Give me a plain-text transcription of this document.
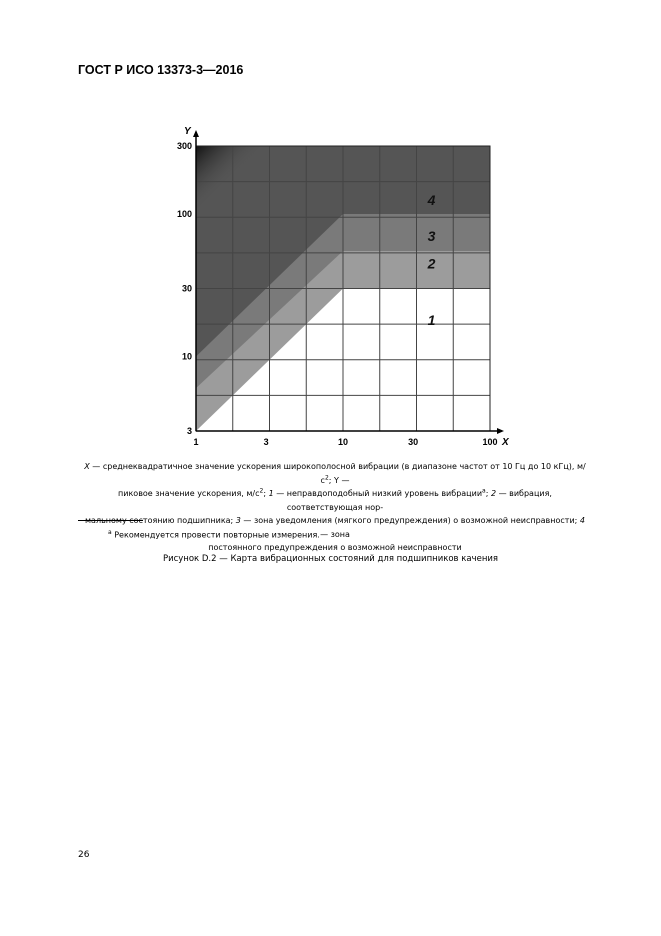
ГОСТ Р ИСО 13373-3—2016
1	3	10	30	100
300
100
30
10
3
X
Y
1
2
3
4
X — среднеквадратичное значение ускорения широкополосной вибрации (в диапазоне частот от 10 Гц до 10 кГц), $м/с^2$; Y —
пиковое значение ускорения, $м/с^2$; 1 — неправдоподобный низкий уровень вибрации$^а$; 2 — вибрация, соответствующая нор-
мальному состоянию подшипника; 3 — зона уведомления (мягкого предупреждения) о возможной неисправности; 4 — зона
постоянного предупреждения о возможной неисправности
$^а$ Рекомендуется провести повторные измерения.
Рисунок D.2 — Карта вибрационных состояний для подшипников качения
26
